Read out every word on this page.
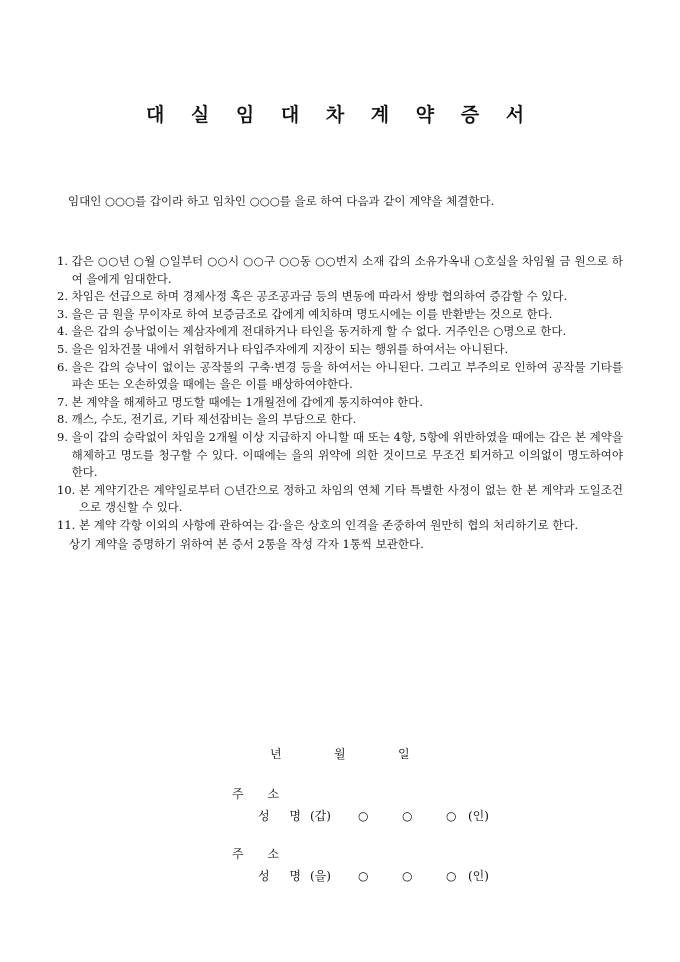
대 실 임 대 차 계 약 증 서
임대인 ○○○를 갑이라 하고 임차인 ○○○를 을로 하여 다음과 같이 계약을 체결한다.
1. 갑은 ○○년 ○월 ○일부터 ○○시 ○○구 ○○동 ○○번지 소재 갑의 소유가옥내 ○호실을 차임월 금 원으로 하여 을에게 임대한다.
2. 차임은 선급으로 하며 경제사정 혹은 공조공과금 등의 변동에 따라서 쌍방 협의하여 증감할 수 있다.
3. 을은 금 원을 무이자로 하여 보증금조로 갑에게 예치하며 명도시에는 이를 반환받는 것으로 한다.
4. 을은 갑의 승낙없이는 제삼자에게 전대하거나 타인을 동거하게 할 수 없다. 거주인은 ○명으로 한다.
5. 을은 임차건물 내에서 위험하거나 타입주자에게 지장이 되는 행위를 하여서는 아니된다.
6. 을은 갑의 승낙이 없이는 공작물의 구축·변경 등을 하여서는 아니된다. 그리고 부주의로 인하여 공작물 기타를 파손 또는 오손하였을 때에는 을은 이를 배상하여야한다.
7. 본 계약을 해제하고 명도할 때에는 1개월전에 갑에게 통지하여야 한다.
8. 깨스, 수도, 전기료, 기타 제선잡비는 을의 부담으로 한다.
9. 을이 갑의 승락없이 차임을 2개월 이상 지급하지 아니할 때 또는 4항, 5항에 위반하였을 때에는 갑은 본 계약을 해제하고 명도를 청구할 수 있다. 이때에는 을의 위약에 의한 것이므로 무조건 퇴거하고 이의없이 명도하여야 한다.
10. 본 계약기간은 계약일로부터 ○년간으로 정하고 차임의 연체 기타 특별한 사정이 없는 한 본 계약과 도일조건으로 갱신할 수 있다.
11. 본 계약 각항 이외의 사항에 관하여는 갑·을은 상호의 인격을 존중하여 원만히 협의 처리하기로 한다.
상기 계약을 증명하기 위하여 본 증서 2통을 작성 각자 1통씩 보관한다.
년	월	일
주 소
성 명 (갑)	○	○	○ (인)
주 소
성 명 (을)	○	○	○ (인)
